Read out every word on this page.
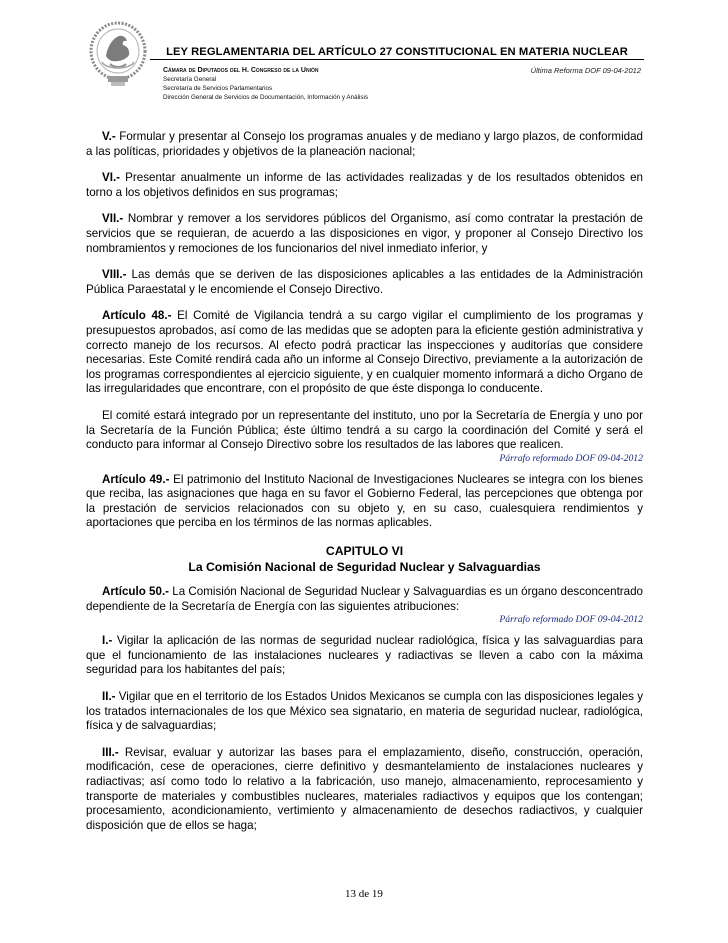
LEY REGLAMENTARIA DEL ARTÍCULO 27 CONSTITUCIONAL EN MATERIA NUCLEAR
Cámara de Diputados del H. Congreso de la Unión
Secretaría General
Secretaría de Servicios Parlamentarios
Dirección General de Servicios de Documentación, Información y Análisis
Última Reforma DOF 09-04-2012

V.- Formular y presentar al Consejo los programas anuales y de mediano y largo plazos, de conformidad a las políticas, prioridades y objetivos de la planeación nacional;

VI.- Presentar anualmente un informe de las actividades realizadas y de los resultados obtenidos en torno a los objetivos definidos en sus programas;

VII.- Nombrar y remover a los servidores públicos del Organismo, así como contratar la prestación de servicios que se requieran, de acuerdo a las disposiciones en vigor, y proponer al Consejo Directivo los nombramientos y remociones de los funcionarios del nivel inmediato inferior, y

VIII.- Las demás que se deriven de las disposiciones aplicables a las entidades de la Administración Pública Paraestatal y le encomiende el Consejo Directivo.

Artículo 48.- El Comité de Vigilancia tendrá a su cargo vigilar el cumplimiento de los programas y presupuestos aprobados, así como de las medidas que se adopten para la eficiente gestión administrativa y correcto manejo de los recursos. Al efecto podrá practicar las inspecciones y auditorías que considere necesarias. Este Comité rendirá cada año un informe al Consejo Directivo, previamente a la autorización de los programas correspondientes al ejercicio siguiente, y en cualquier momento informará a dicho Organo de las irregularidades que encontrare, con el propósito de que éste disponga lo conducente.

El comité estará integrado por un representante del instituto, uno por la Secretaría de Energía y uno por la Secretaría de la Función Pública; éste último tendrá a su cargo la coordinación del Comité y será el conducto para informar al Consejo Directivo sobre los resultados de las labores que realicen.

Párrafo reformado DOF 09-04-2012

Artículo 49.- El patrimonio del Instituto Nacional de Investigaciones Nucleares se integra con los bienes que reciba, las asignaciones que haga en su favor el Gobierno Federal, las percepciones que obtenga por la prestación de servicios relacionados con su objeto y, en su caso, cualesquiera rendimientos y aportaciones que perciba en los términos de las normas aplicables.

CAPITULO VI
La Comisión Nacional de Seguridad Nuclear y Salvaguardias

Artículo 50.- La Comisión Nacional de Seguridad Nuclear y Salvaguardias es un órgano desconcentrado dependiente de la Secretaría de Energía con las siguientes atribuciones:

Párrafo reformado DOF 09-04-2012

I.- Vigilar la aplicación de las normas de seguridad nuclear radiológica, física y las salvaguardias para que el funcionamiento de las instalaciones nucleares y radiactivas se lleven a cabo con la máxima seguridad para los habitantes del país;

II.- Vigilar que en el territorio de los Estados Unidos Mexicanos se cumpla con las disposiciones legales y los tratados internacionales de los que México sea signatario, en materia de seguridad nuclear, radiológica, física y de salvaguardias;

III.- Revisar, evaluar y autorizar las bases para el emplazamiento, diseño, construcción, operación, modificación, cese de operaciones, cierre definitivo y desmantelamiento de instalaciones nucleares y radiactivas; así como todo lo relativo a la fabricación, uso manejo, almacenamiento, reprocesamiento y transporte de materiales y combustibles nucleares, materiales radiactivos y equipos que los contengan; procesamiento, acondicionamiento, vertimiento y almacenamiento de desechos radiactivos, y cualquier disposición que de ellos se haga;

13 de 19
